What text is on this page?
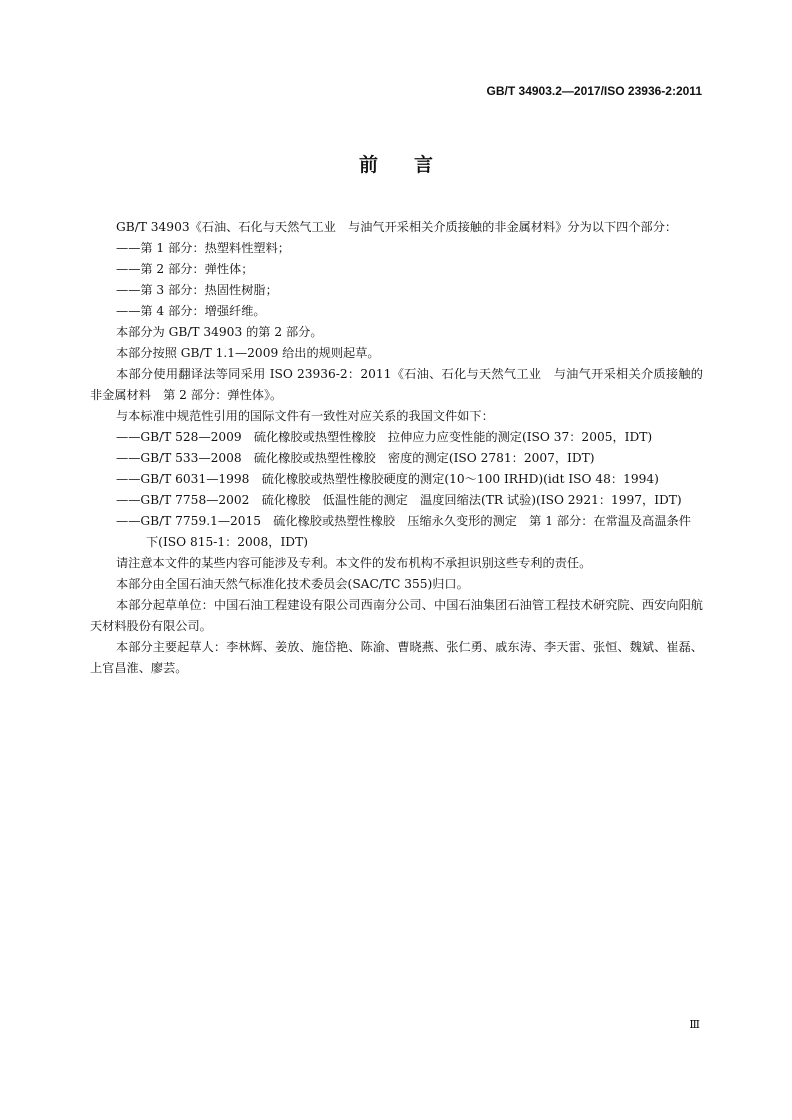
GB/T 34903.2—2017/ISO 23936-2:2011
前言
GB/T 34903《石油、石化与天然气工业　与油气开采相关介质接触的非金属材料》分为以下四个部分：
——第 1 部分：热塑料性塑料；
——第 2 部分：弹性体；
——第 3 部分：热固性树脂；
——第 4 部分：增强纤维。
本部分为 GB/T 34903 的第 2 部分。
本部分按照 GB/T 1.1—2009 给出的规则起草。
本部分使用翻译法等同采用 ISO 23936-2：2011《石油、石化与天然气工业　与油气开采相关介质接触的非金属材料　第 2 部分：弹性体》。
与本标准中规范性引用的国际文件有一致性对应关系的我国文件如下：
——GB/T 528—2009　硫化橡胶或热塑性橡胶　拉伸应力应变性能的测定(ISO 37：2005，IDT)
——GB/T 533—2008　硫化橡胶或热塑性橡胶　密度的测定(ISO 2781：2007，IDT)
——GB/T 6031—1998　硫化橡胶或热塑性橡胶硬度的测定(10～100 IRHD)(idt ISO 48：1994)
——GB/T 7758—2002　硫化橡胶　低温性能的测定　温度回缩法(TR 试验)(ISO 2921：1997，IDT)
——GB/T 7759.1—2015　硫化橡胶或热塑性橡胶　压缩永久变形的测定　第 1 部分：在常温及高温条件下(ISO 815-1：2008，IDT)
请注意本文件的某些内容可能涉及专利。本文件的发布机构不承担识别这些专利的责任。
本部分由全国石油天然气标准化技术委员会(SAC/TC 355)归口。
本部分起草单位：中国石油工程建设有限公司西南分公司、中国石油集团石油管工程技术研究院、西安向阳航天材料股份有限公司。
本部分主要起草人：李林辉、姜放、施岱艳、陈渝、曹晓燕、张仁勇、戚东涛、李天雷、张恒、魏斌、崔磊、上官昌淮、廖芸。
Ⅲ
